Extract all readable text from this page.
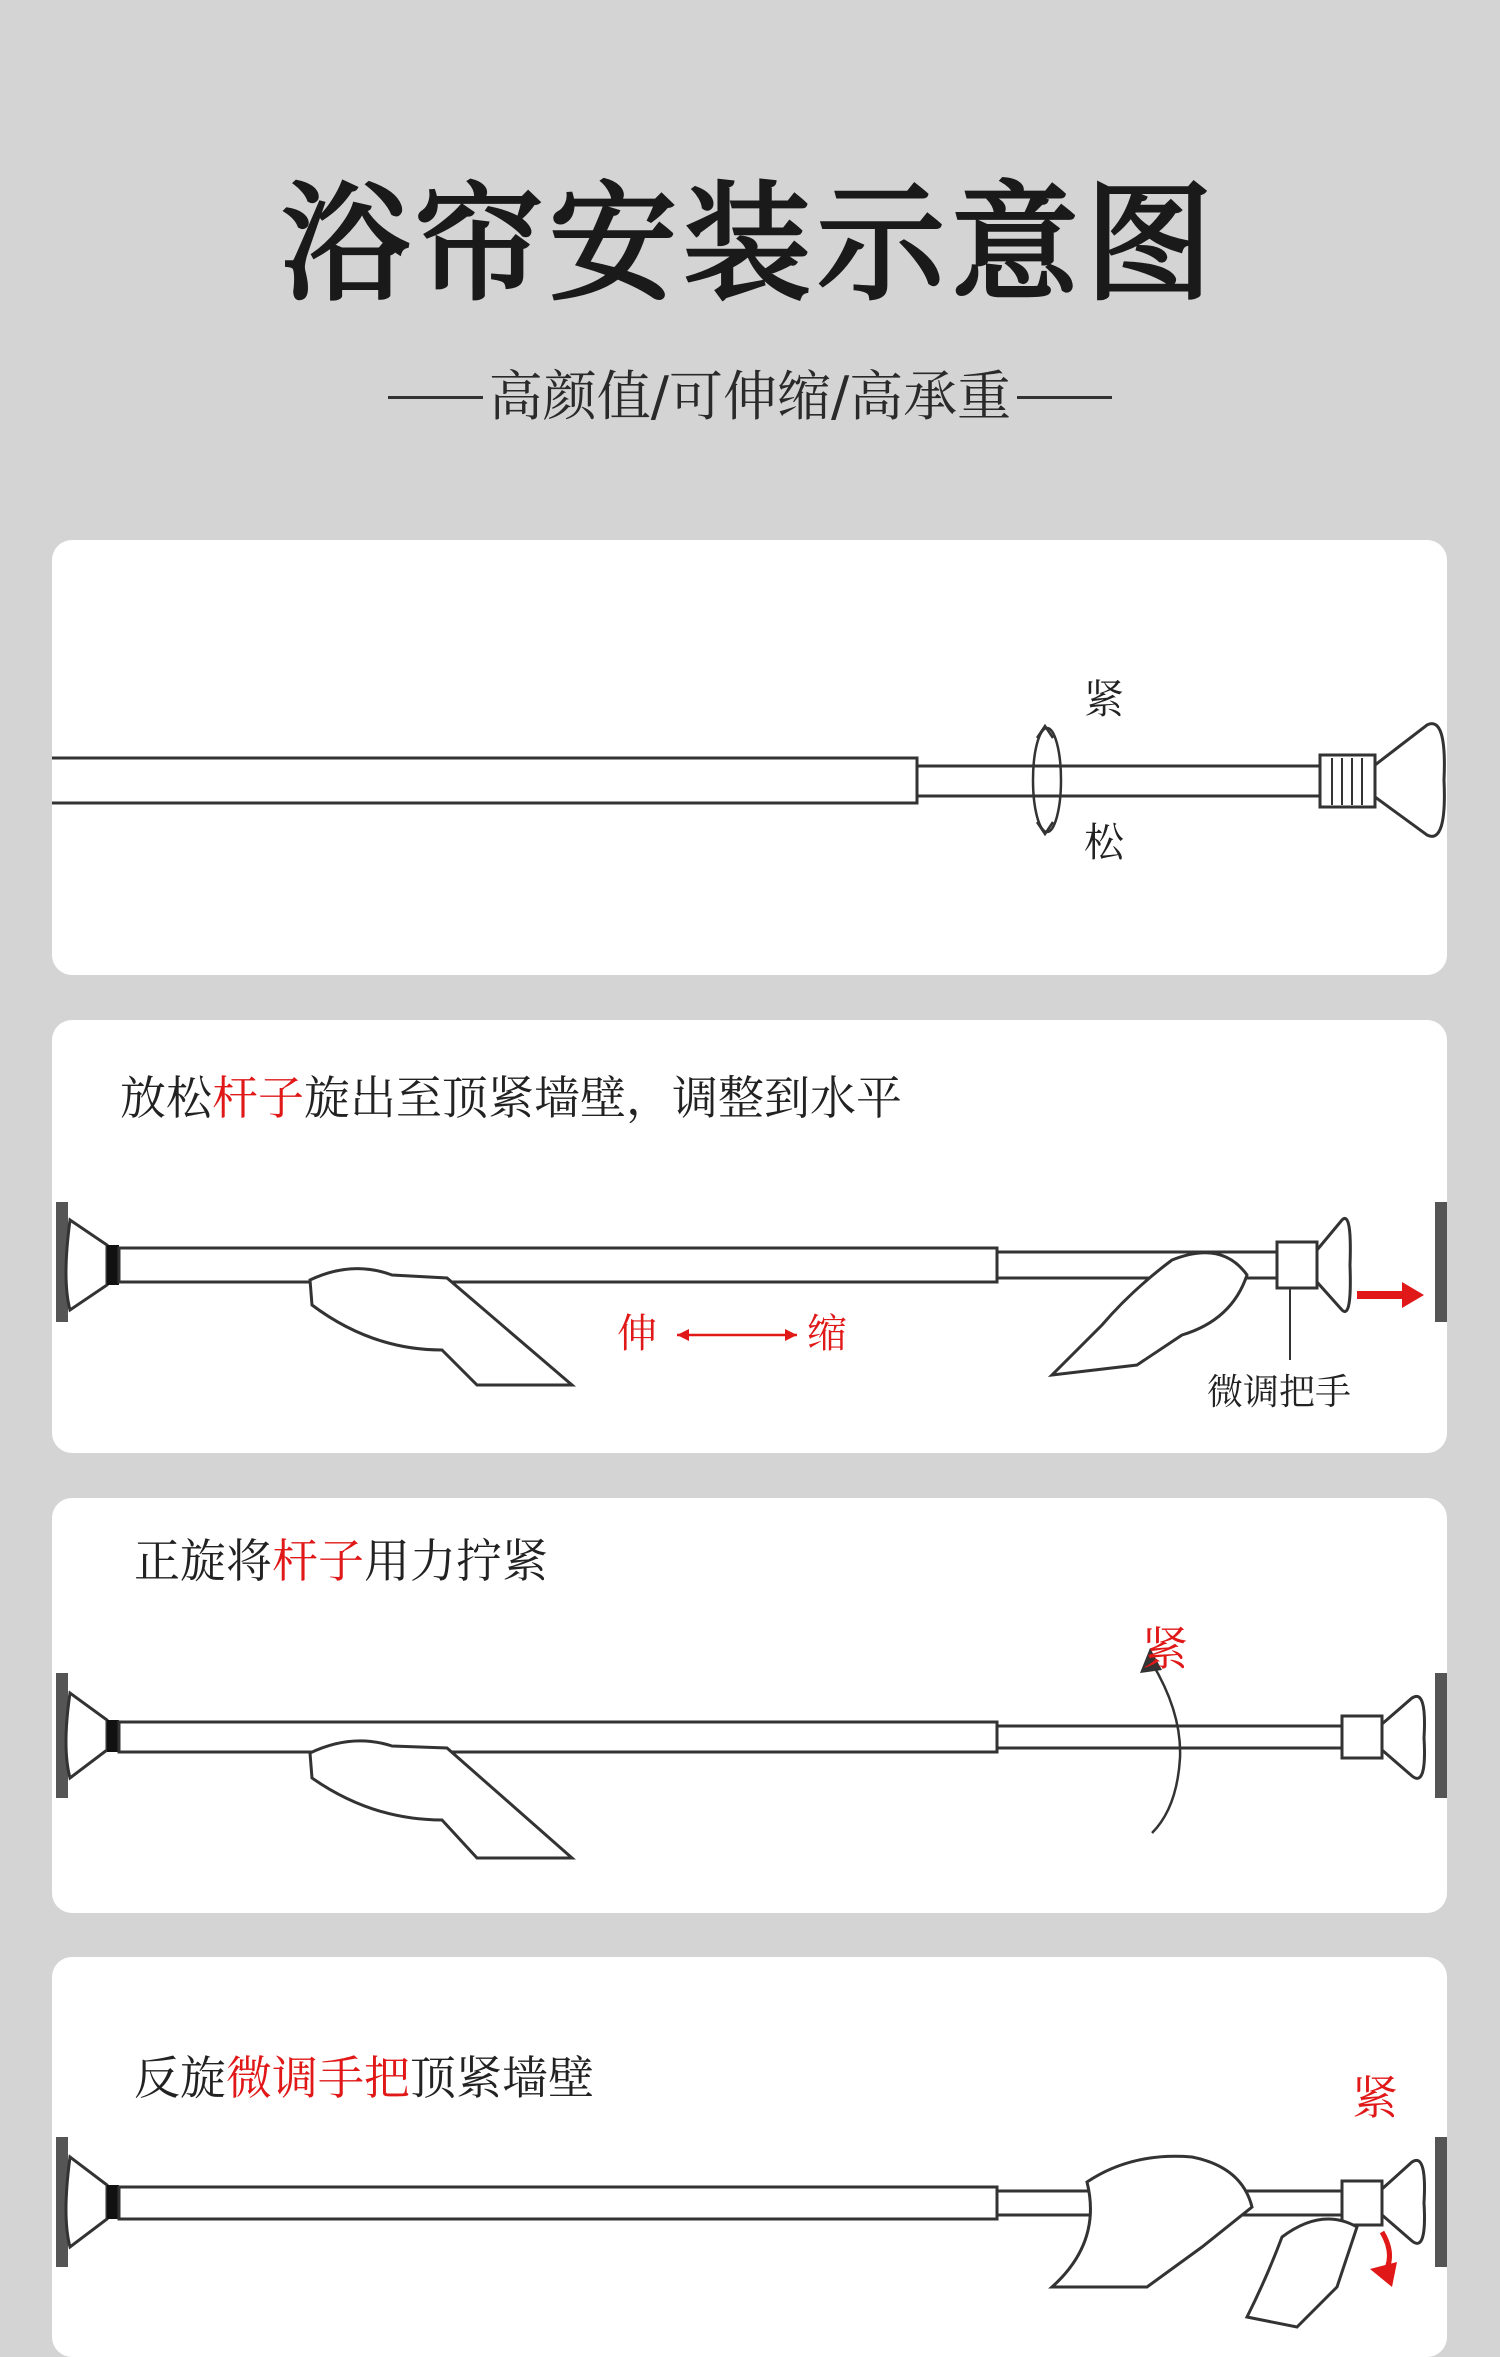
浴帘安装示意图
高颜值/可伸缩/高承重
紧
松
放松杆子旋出至顶紧墙壁，调整到水平
伸	缩
微调把手
正旋将杆子用力拧紧
紧
反旋微调手把顶紧墙壁	紧
